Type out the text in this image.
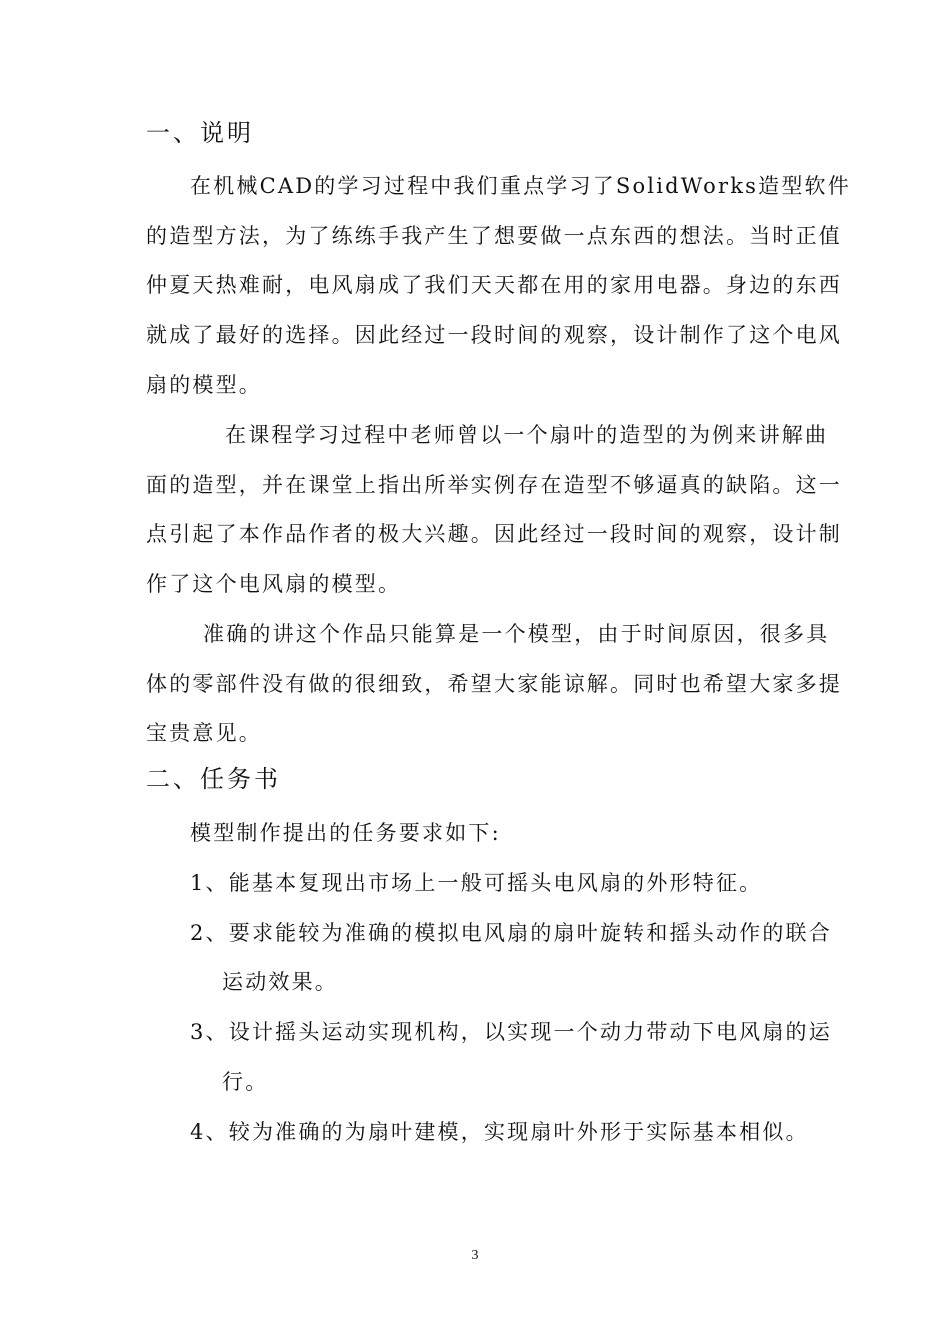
一、说明
在机械CAD的学习过程中我们重点学习了SolidWorks造型软件
的造型方法，为了练练手我产生了想要做一点东西的想法。当时正值
仲夏天热难耐，电风扇成了我们天天都在用的家用电器。身边的东西
就成了最好的选择。因此经过一段时间的观察，设计制作了这个电风
扇的模型。
在课程学习过程中老师曾以一个扇叶的造型的为例来讲解曲
面的造型，并在课堂上指出所举实例存在造型不够逼真的缺陷。这一
点引起了本作品作者的极大兴趣。因此经过一段时间的观察，设计制
作了这个电风扇的模型。
准确的讲这个作品只能算是一个模型，由于时间原因，很多具
体的零部件没有做的很细致，希望大家能谅解。同时也希望大家多提
宝贵意见。
二、任务书
模型制作提出的任务要求如下:
1、能基本复现出市场上一般可摇头电风扇的外形特征。
2、要求能较为准确的模拟电风扇的扇叶旋转和摇头动作的联合
运动效果。
3、设计摇头运动实现机构，以实现一个动力带动下电风扇的运
行。
4、较为准确的为扇叶建模，实现扇叶外形于实际基本相似。
3
